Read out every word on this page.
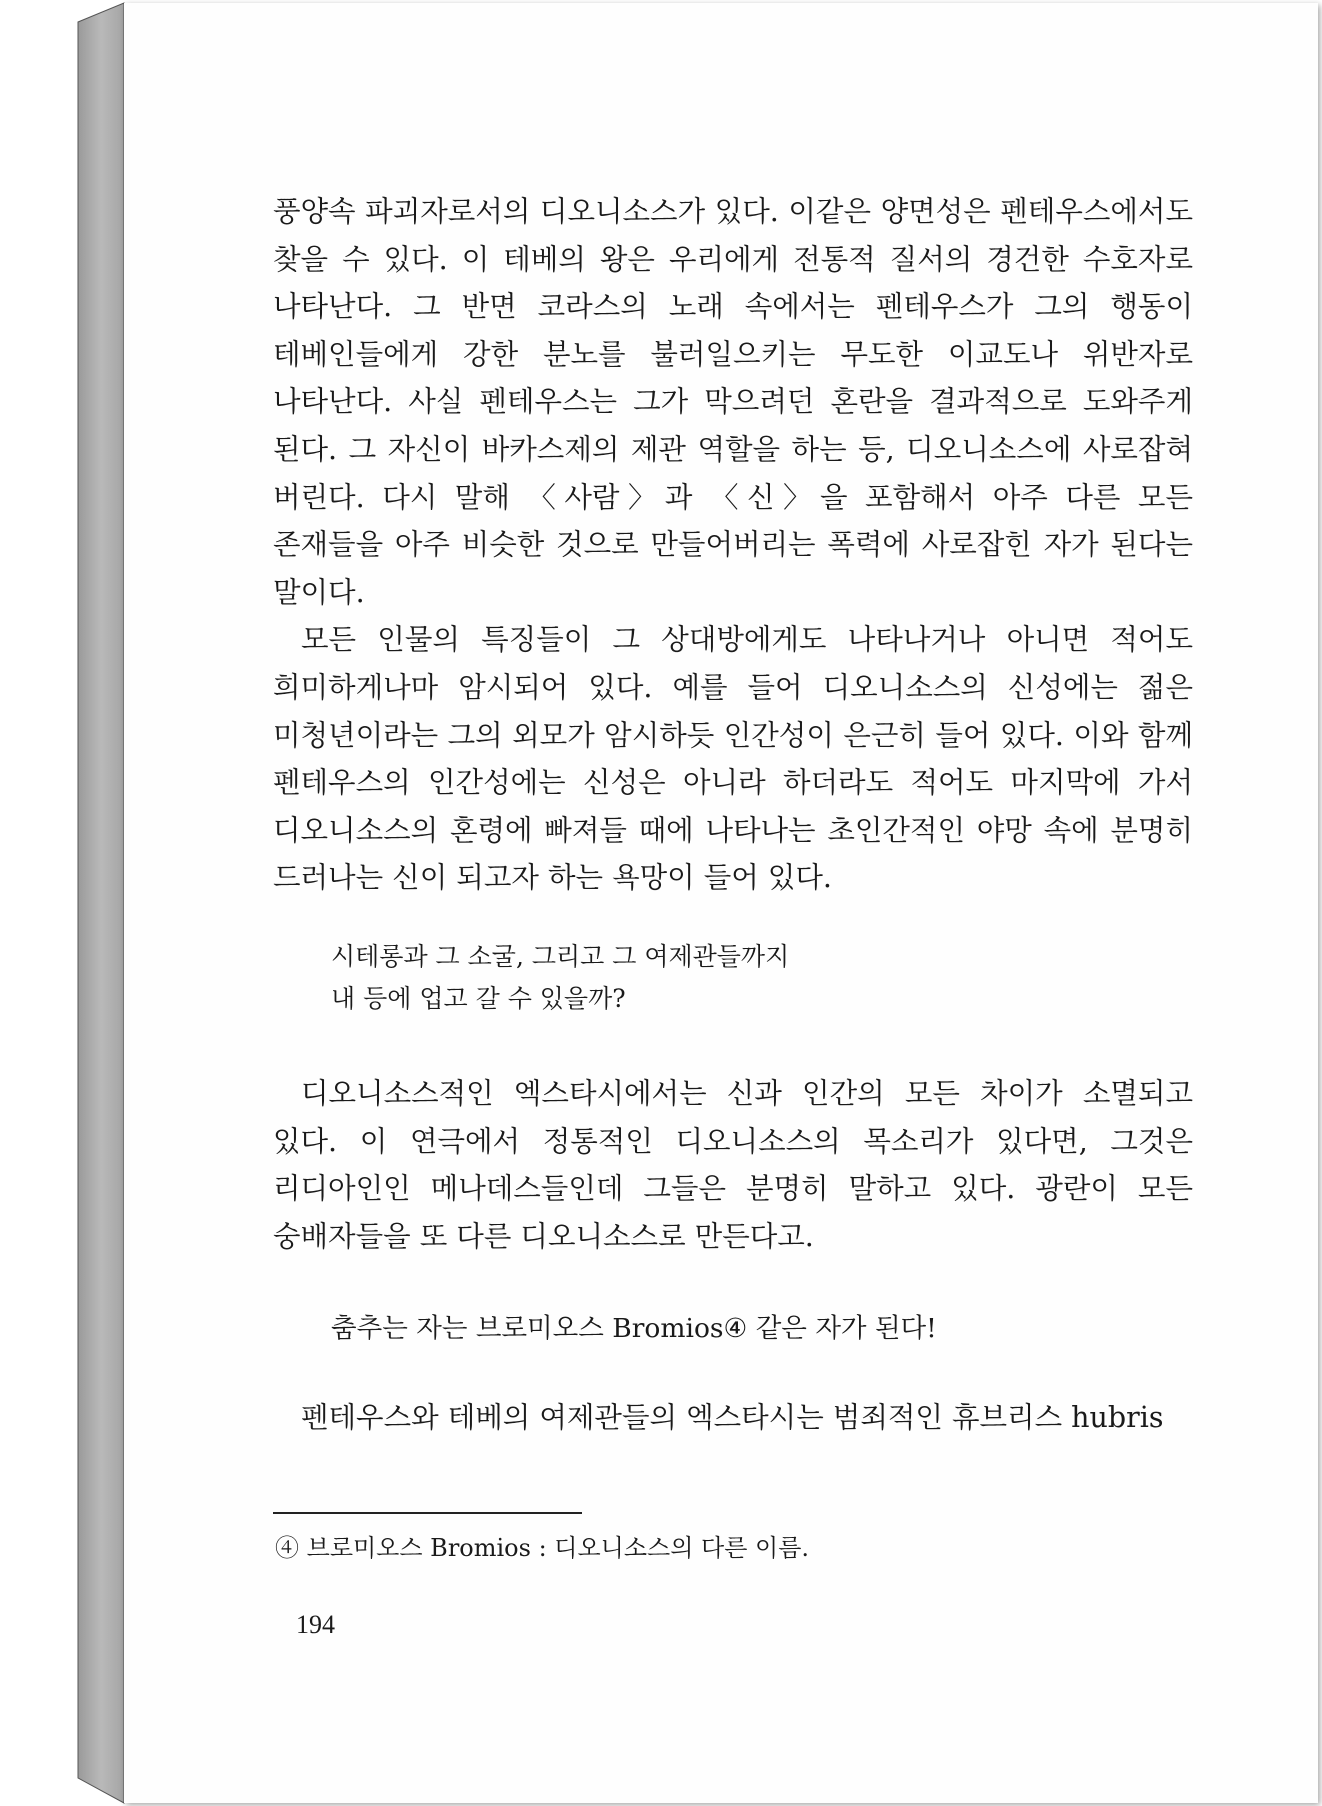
풍양속 파괴자로서의 디오니소스가 있다. 이같은 양면성은 펜테우스에서도 찾을 수 있다. 이 테베의 왕은 우리에게 전통적 질서의 경건한 수호자로 나타난다. 그 반면 코라스의 노래 속에서는 펜테우스가 그의 행동이 테베인들에게 강한 분노를 불러일으키는 무도한 이교도나 위반자로 나타난다. 사실 펜테우스는 그가 막으려던 혼란을 결과적으로 도와주게 된다. 그 자신이 바카스제의 제관 역할을 하는 등, 디오니소스에 사로잡혀 버린다. 다시 말해 〈사람〉과 〈신〉을 포함해서 아주 다른 모든 존재들을 아주 비슷한 것으로 만들어버리는 폭력에 사로잡힌 자가 된다는 말이다.

모든 인물의 특징들이 그 상대방에게도 나타나거나 아니면 적어도 희미하게나마 암시되어 있다. 예를 들어 디오니소스의 신성에는 젊은 미청년이라는 그의 외모가 암시하듯 인간성이 은근히 들어 있다. 이와 함께 펜테우스의 인간성에는 신성은 아니라 하더라도 적어도 마지막에 가서 디오니소스의 혼령에 빠져들 때에 나타나는 초인간적인 야망 속에 분명히 드러나는 신이 되고자 하는 욕망이 들어 있다.

시테롱과 그 소굴, 그리고 그 여제관들까지

내 등에 업고 갈 수 있을까?

디오니소스적인 엑스타시에서는 신과 인간의 모든 차이가 소멸되고 있다. 이 연극에서 정통적인 디오니소스의 목소리가 있다면, 그것은 리디아인인 메나데스들인데 그들은 분명히 말하고 있다. 광란이 모든 숭배자들을 또 다른 디오니소스로 만든다고.

춤추는 자는 브로미오스 Bromios④ 같은 자가 된다!

펜테우스와 테베의 여제관들의 엑스타시는 범죄적인 휴브리스 hubris

④ 브로미오스 Bromios : 디오니소스의 다른 이름.

194
